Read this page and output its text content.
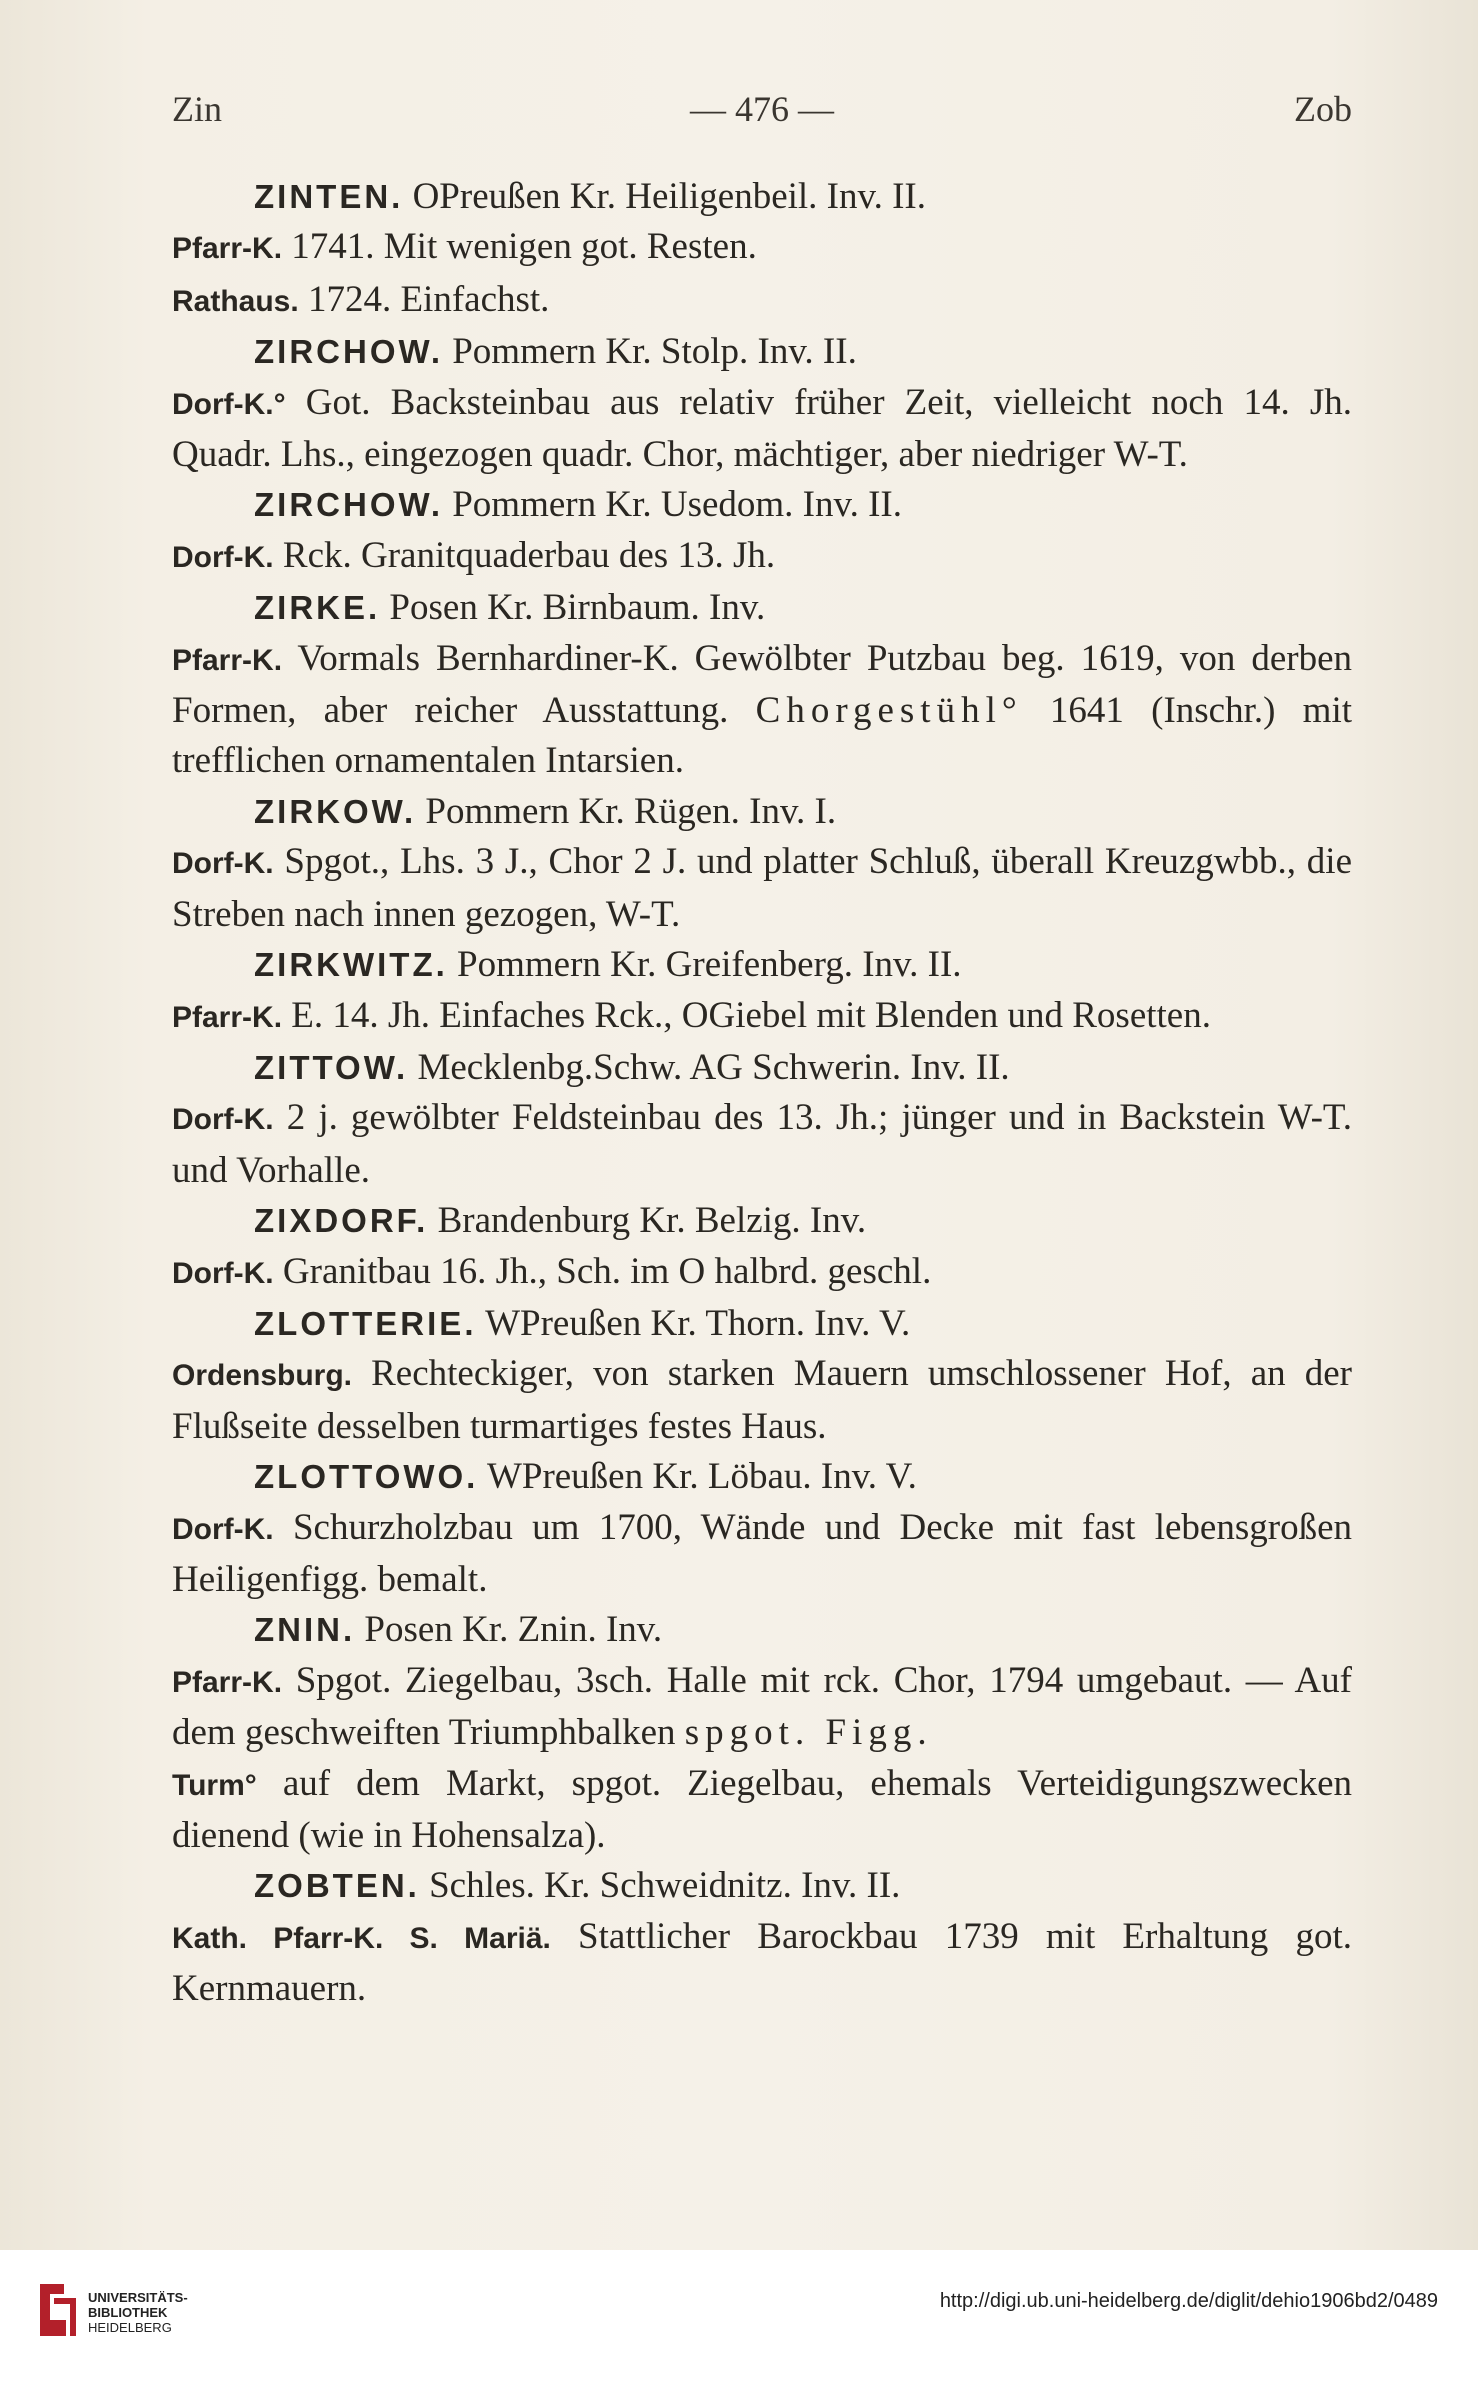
Zin	— 476 —	Zob

ZINTEN. OPreußen Kr. Heiligenbeil. Inv. II.

Pfarr-K. 1741. Mit wenigen got. Resten.

Rathaus. 1724. Einfachst.

ZIRCHOW. Pommern Kr. Stolp. Inv. II.

Dorf-K.° Got. Backsteinbau aus relativ früher Zeit, vielleicht noch 14. Jh. Quadr. Lhs., eingezogen quadr. Chor, mächtiger, aber niedriger W-T.

ZIRCHOW. Pommern Kr. Usedom. Inv. II.

Dorf-K. Rck. Granitquaderbau des 13. Jh.

ZIRKE. Posen Kr. Birnbaum. Inv.

Pfarr-K. Vormals Bernhardiner-K. Gewölbter Putzbau beg. 1619, von derben Formen, aber reicher Ausstattung. Chorgestühl° 1641 (Inschr.) mit trefflichen ornamentalen Intarsien.

ZIRKOW. Pommern Kr. Rügen. Inv. I.

Dorf-K. Spgot., Lhs. 3 J., Chor 2 J. und platter Schluß, überall Kreuzgwbb., die Streben nach innen gezogen, W-T.

ZIRKWITZ. Pommern Kr. Greifenberg. Inv. II.

Pfarr-K. E. 14. Jh. Einfaches Rck., OGiebel mit Blenden und Rosetten.

ZITTOW. Mecklenbg.Schw. AG Schwerin. Inv. II.

Dorf-K. 2 j. gewölbter Feldsteinbau des 13. Jh.; jünger und in Backstein W-T. und Vorhalle.

ZIXDORF. Brandenburg Kr. Belzig. Inv.

Dorf-K. Granitbau 16. Jh., Sch. im O halbrd. geschl.

ZLOTTERIE. WPreußen Kr. Thorn. Inv. V.

Ordensburg. Rechteckiger, von starken Mauern umschlossener Hof, an der Flußseite desselben turmartiges festes Haus.

ZLOTTOWO. WPreußen Kr. Löbau. Inv. V.

Dorf-K. Schurzholzbau um 1700, Wände und Decke mit fast lebensgroßen Heiligenfigg. bemalt.

ZNIN. Posen Kr. Znin. Inv.

Pfarr-K. Spgot. Ziegelbau, 3sch. Halle mit rck. Chor, 1794 umgebaut. — Auf dem geschweiften Triumphbalken spgot. Figg.

Turm° auf dem Markt, spgot. Ziegelbau, ehemals Verteidigungszwecken dienend (wie in Hohensalza).

ZOBTEN. Schles. Kr. Schweidnitz. Inv. II.

Kath. Pfarr-K. S. Mariä. Stattlicher Barockbau 1739 mit Erhaltung got. Kernmauern.

UNIVERSITÄTS-
BIBLIOTHEK
HEIDELBERG
http://digi.ub.uni-heidelberg.de/diglit/dehio1906bd2/0489
